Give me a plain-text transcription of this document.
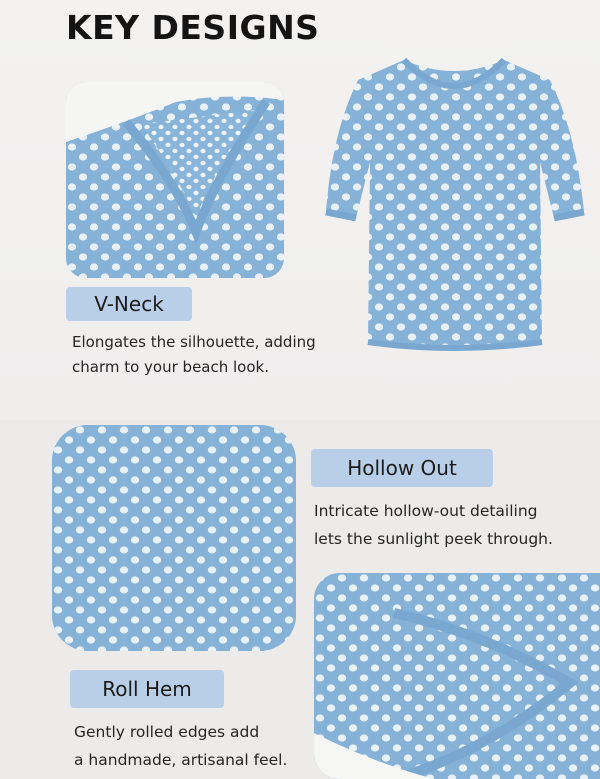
KEY DESIGNS
V-Neck

Elongates the silhouette, adding
charm to your beach look.

Hollow Out

Intricate hollow-out detailing
lets the sunlight peek through.

Roll Hem

Gently rolled edges add
a handmade, artisanal feel.
